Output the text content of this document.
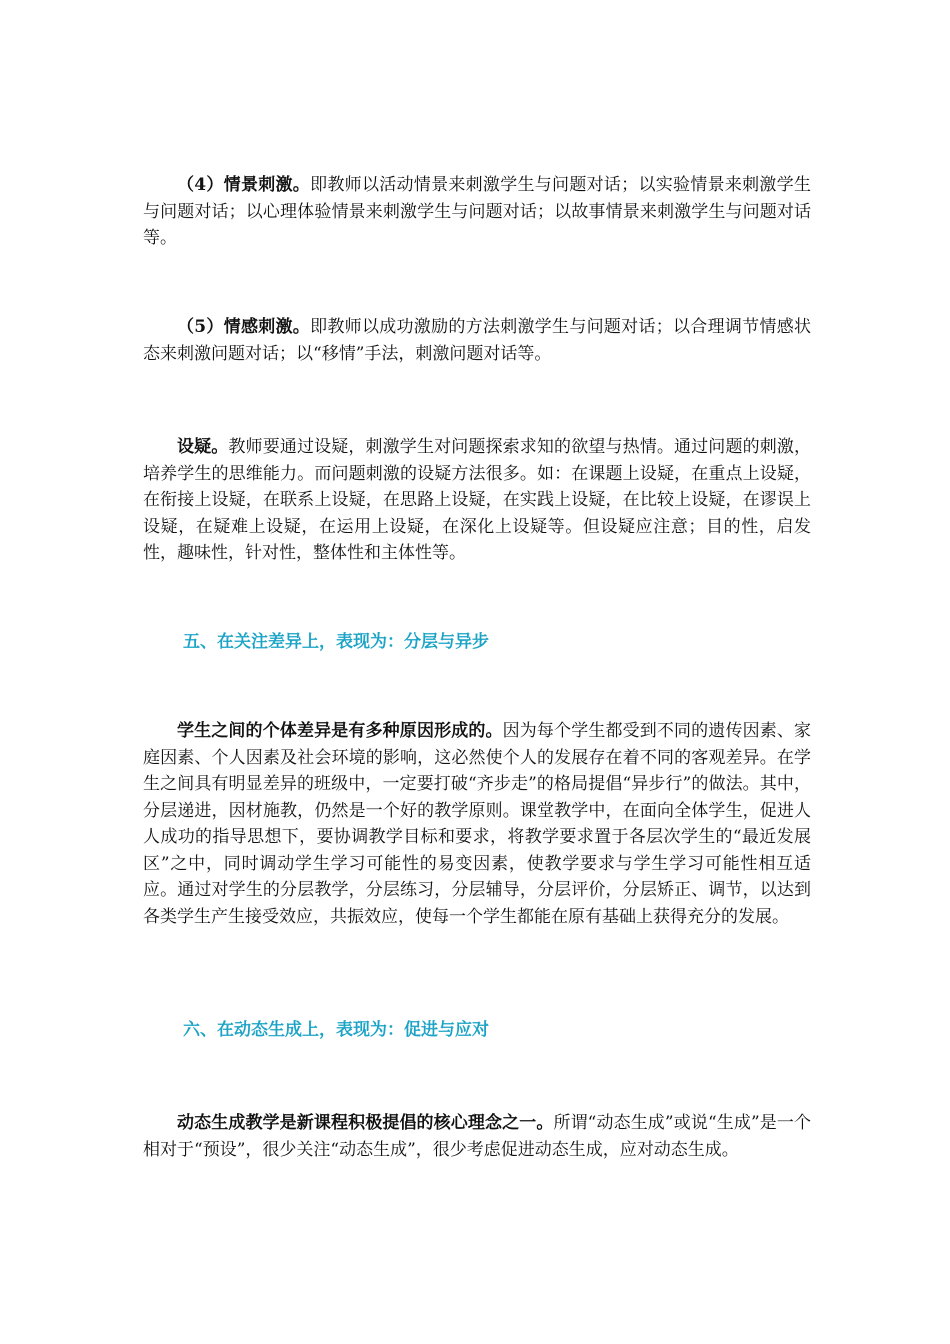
（4）情景刺激。即教师以活动情景来刺激学生与问题对话；以实验情景来刺激学生与问题对话；以心理体验情景来刺激学生与问题对话；以故事情景来刺激学生与问题对话等。

（5）情感刺激。即教师以成功激励的方法刺激学生与问题对话；以合理调节情感状态来刺激问题对话；以“移情”手法，刺激问题对话等。

设疑。教师要通过设疑，刺激学生对问题探索求知的欲望与热情。通过问题的刺激，培养学生的思维能力。而问题刺激的设疑方法很多。如：在课题上设疑，在重点上设疑，在衔接上设疑，在联系上设疑，在思路上设疑，在实践上设疑，在比较上设疑，在谬误上设疑，在疑难上设疑，在运用上设疑，在深化上设疑等。但设疑应注意；目的性，启发性，趣味性，针对性，整体性和主体性等。

五、在关注差异上，表现为：分层与异步

学生之间的个体差异是有多种原因形成的。因为每个学生都受到不同的遗传因素、家庭因素、个人因素及社会环境的影响，这必然使个人的发展存在着不同的客观差异。在学生之间具有明显差异的班级中，一定要打破“齐步走”的格局提倡“异步行”的做法。其中，分层递进，因材施教，仍然是一个好的教学原则。课堂教学中，在面向全体学生，促进人人成功的指导思想下，要协调教学目标和要求，将教学要求置于各层次学生的“最近发展区”之中，同时调动学生学习可能性的易变因素，使教学要求与学生学习可能性相互适应。通过对学生的分层教学，分层练习，分层辅导，分层评价，分层矫正、调节，以达到各类学生产生接受效应，共振效应，使每一个学生都能在原有基础上获得充分的发展。

六、在动态生成上，表现为：促进与应对

动态生成教学是新课程积极提倡的核心理念之一。所谓“动态生成”或说“生成”是一个相对于“预设”，很少关注“动态生成”，很少考虑促进动态生成，应对动态生成。
